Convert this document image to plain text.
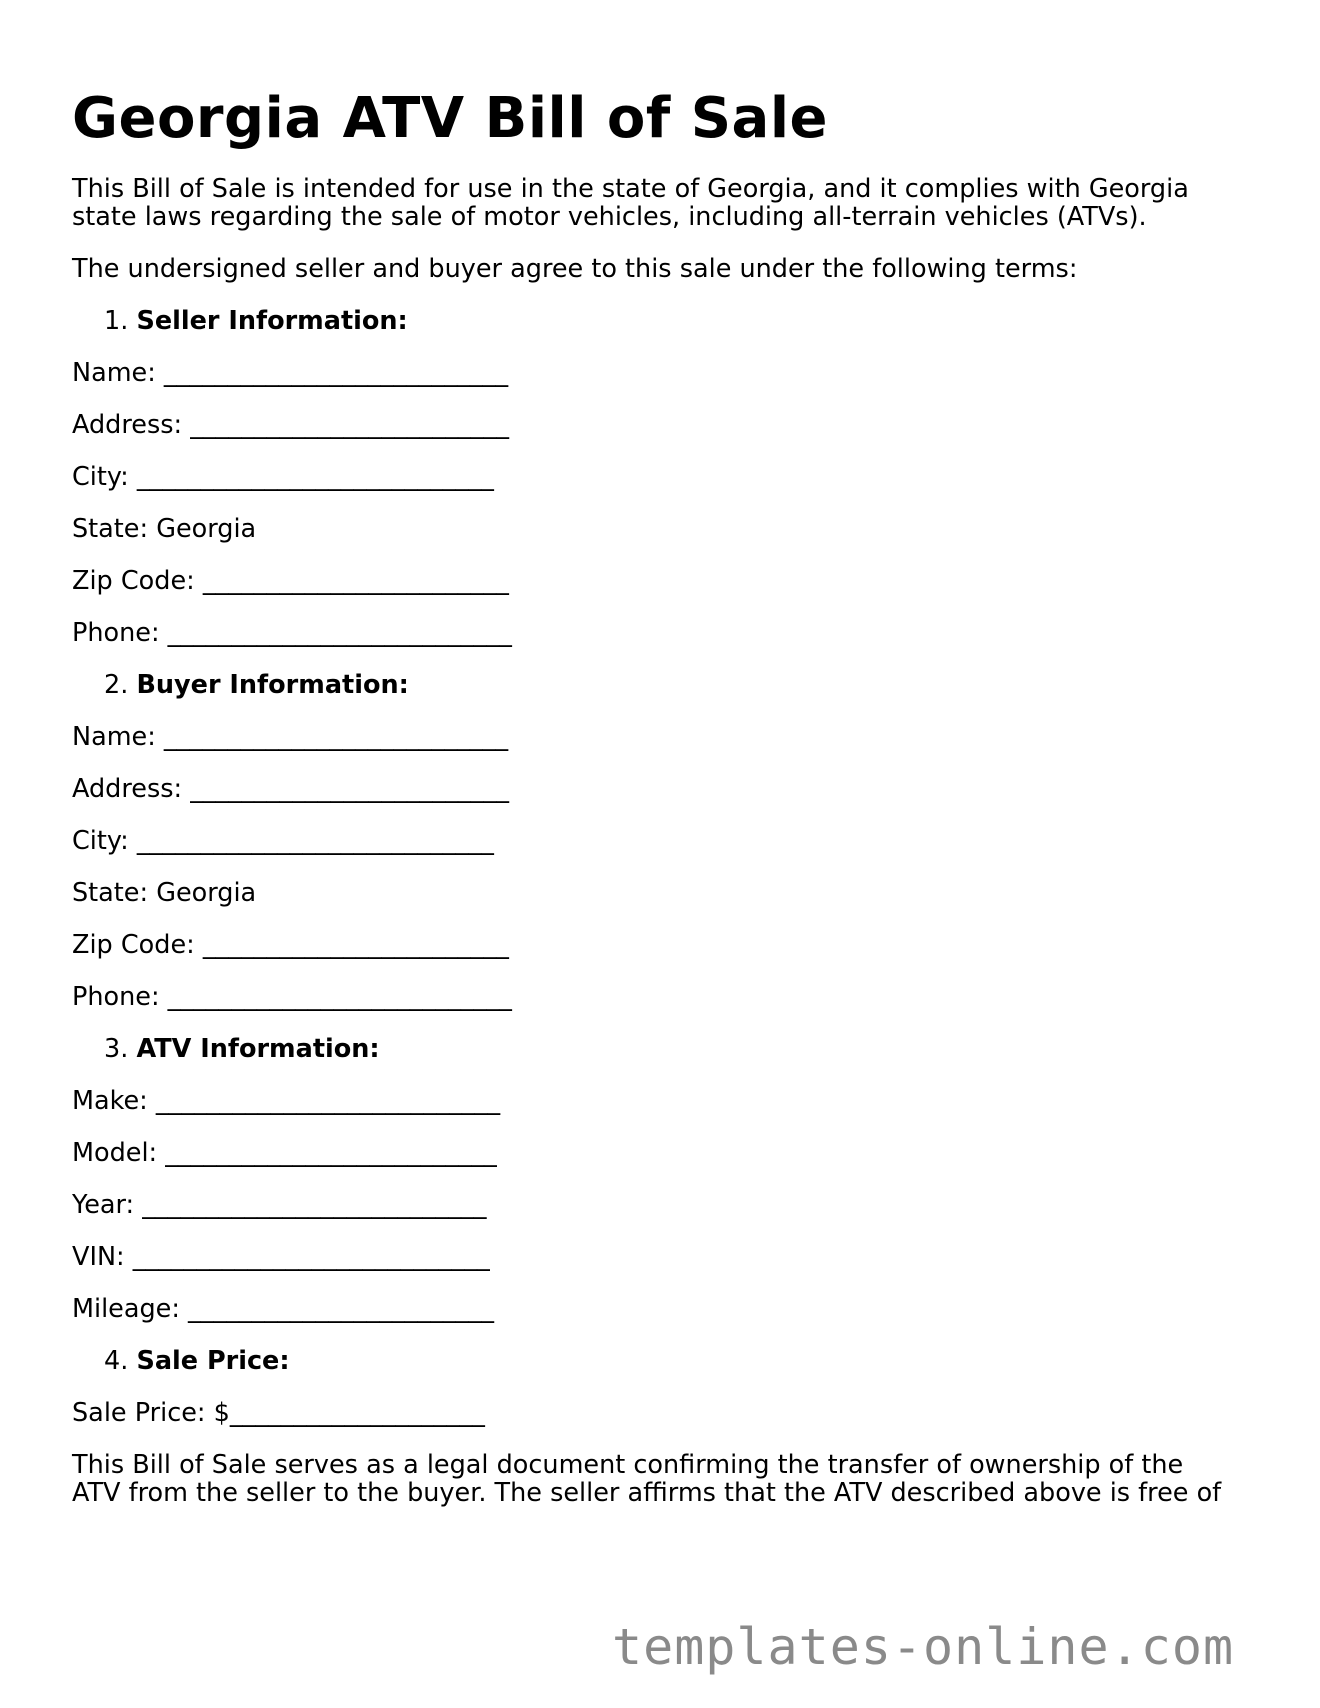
Georgia ATV Bill of Sale

This Bill of Sale is intended for use in the state of Georgia, and it complies with Georgia

state laws regarding the sale of motor vehicles, including all-terrain vehicles (ATVs).

The undersigned seller and buyer agree to this sale under the following terms:

1. Seller Information:

Name: ___________________________

Address: _________________________

City: ____________________________

State: Georgia

Zip Code: ________________________

Phone: ___________________________

2. Buyer Information:

Name: ___________________________

Address: _________________________

City: ____________________________

State: Georgia

Zip Code: ________________________

Phone: ___________________________

3. ATV Information:

Make: ___________________________

Model: __________________________

Year: ___________________________

VIN: ____________________________

Mileage: ________________________

4. Sale Price:

Sale Price: $____________________

This Bill of Sale serves as a legal document confirming the transfer of ownership of the

ATV from the seller to the buyer. The seller affirms that the ATV described above is free of

templates-online.com
